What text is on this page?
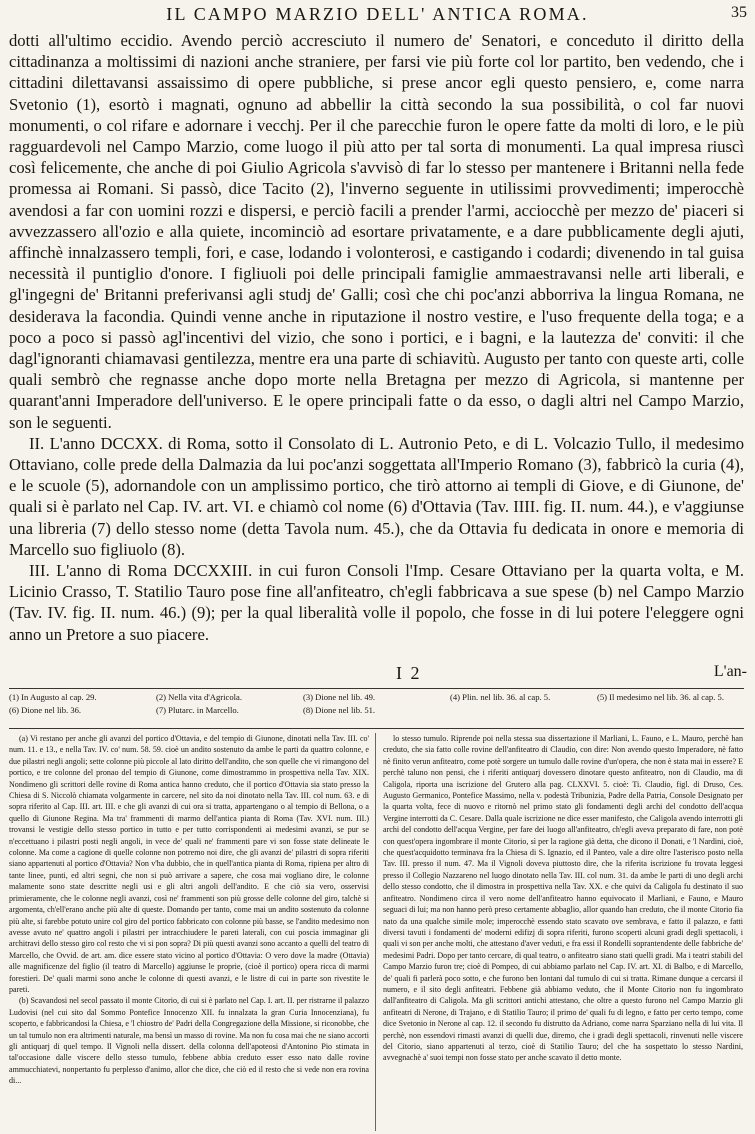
IL CAMPO MARZIO DELL' ANTICA ROMA.	35

dotti all'ultimo eccidio. Avendo perciò accresciuto il numero de' Senatori, e conceduto il diritto della cittadinanza a moltissimi di nazioni anche straniere, per farsi vie più forte col lor partito, ben vedendo, che i cittadini dilettavansi assaissimo di opere pubbliche, si prese ancor egli questo pensiero, e, come narra Svetonio (1), esortò i magnati, ognuno ad abbellir la città secondo la sua possibilità, o col far nuovi monumenti, o col rifare e adornare i vecchj. Per il che parecchie furon le opere fatte da molti di loro, e le più ragguardevoli nel Campo Marzio, come luogo il più atto per tal sorta di monumenti. La qual impresa riuscì così felicemente, che anche di poi Giulio Agricola s'avvisò di far lo stesso per mantenere i Britanni nella fede promessa ai Romani. Si passò, dice Tacito (2), l'inverno seguente in utilissimi provvedimenti; imperocchè avendosi a far con uomini rozzi e dispersi, e perciò facili a prender l'armi, acciocchè per mezzo de' piaceri si avvezzassero all'ozio e alla quiete, incominciò ad esortare privatamente, e a dare pubblicamente degli ajuti, affinchè innalzassero templi, fori, e case, lodando i volonterosi, e castigando i codardi; divenendo in tal guisa necessità il puntiglio d'onore. I figliuoli poi delle principali famiglie ammaestravansi nelle arti liberali, e gl'ingegni de' Britanni preferivansi agli studj de' Galli; così che chi poc'anzi abborriva la lingua Romana, ne desiderava la facondia. Quindi venne anche in riputazione il nostro vestire, e l'uso frequente della toga; e a poco a poco si passò agl'incentivi del vizio, che sono i portici, e i bagni, e la lautezza de' conviti: il che dagl'ignoranti chiamavasi gentilezza, mentre era una parte di schiavitù. Augusto per tanto con queste arti, colle quali sembrò che regnasse anche dopo morte nella Bretagna per mezzo di Agricola, si mantenne per quarant'anni Imperadore dell'universo. E le opere principali fatte o da esso, o dagli altri nel Campo Marzio, son le seguenti.

II. L'anno DCCXX. di Roma, sotto il Consolato di L. Autronio Peto, e di L. Volcazio Tullo, il medesimo Ottaviano, colle prede della Dalmazia da lui poc'anzi soggettata all'Imperio Romano (3), fabbricò la curia (4), e le scuole (5), adornandole con un amplissimo portico, che tirò attorno ai templi di Giove, e di Giunone, de' quali si è parlato nel Cap. IV. art. VI. e chiamò col nome (6) d'Ottavia (Tav. IIII. fig. II. num. 44.), e v'aggiunse una libreria (7) dello stesso nome (detta Tavola num. 45.), che da Ottavia fu dedicata in onore e memoria di Marcello suo figliuolo (8).

III. L'anno di Roma DCCXXIII. in cui furon Consoli l'Imp. Cesare Ottaviano per la quarta volta, e M. Licinio Crasso, T. Statilio Tauro pose fine all'anfiteatro, ch'egli fabbricava a sue spese (b) nel Campo Marzio (Tav. IV. fig. II. num. 46.) (9); per la qual liberalità volle il popolo, che fosse in di lui potere l'eleggere ogni anno un Pretore a suo piacere.

I 2	L'an-
(1) In Augusto al cap. 29.	(2) Nella vita d'Agricola.	(3) Dione nel lib. 49.	(4) Plin. nel lib. 36. al cap. 5.	(5) Il medesimo nel lib. 36. al cap. 5.
(6) Dione nel lib. 36.	(7) Plutarc. in Marcello.	(8) Dione nel lib. 51.

(a) Vi restano per anche gli avanzi del portico d'Ottavia, e del tempio di Giunone, dinotati nella Tav. III. co' num. 11. e 13., e nella Tav. IV. co' num. 58. 59. cioè un andito sostenuto da ambe le parti da quattro colonne, e due pilastri negli angoli; sette colonne più piccole al lato diritto dell'andito, che son quelle che vi rimangono del portico, e tre colonne del pronao del tempio di Giunone, come dimostrammo in prospettiva nella Tav. XIX. Nondimeno gli scrittori delle rovine di Roma antica hanno creduto, che il portico d'Ottavia sia stato presso la Chiesa di S. Niccolò chiamata volgarmente in carcere, nel sito da noi dinotato nella Tav. III. col num. 63. e di sopra riferito al Cap. III. art. III. e che gli avanzi di cui ora si tratta, appartengano o al tempio di Bellona, o a quello di Giunone Regina. Ma tra' frammenti di marmo dell'antica pianta di Roma (Tav. XVI. num. III.) trovansi le vestigie dello stesso portico in tutto e per tutto corrispondenti ai medesimi avanzi, se pur se n'eccettuano i pilastri posti negli angoli, in vece de' quali ne' frammenti pare vi son fosse state delineate le colonne. Ma come a cagione di quelle colonne non potremo noi dire, che gli avanzi de' pilastri di sopra riferiti siano appartenuti al portico d'Ottavia? Non v'ha dubbio, che in quell'antica pianta di Roma, ripiena per altro di tante linee, punti, ed altri segni, che non si può arrivare a sapere, che cosa mai vogliano dire, le colonne malamente sono state descritte negli usi e gli altri angoli dell'andito. E che ciò sia vero, osservisi primieramente, che le colonne negli avanzi, così ne' frammenti son più grosse delle colonne del giro, talchè si argomenta, ch'ell'erano anche più alte di queste. Domando per tanto, come mai un andito sostenuto da colonne più alte, si farebbe potuto unire col giro del portico fabbricato con colonne più basse, se l'andito medesimo non avesse avuto ne' quattro angoli i pilastri per intracchiudere le pareti laterali, con cui poscia immaginar gli architravi dello stesso giro col resto che vi si pon sopra? Di più questi avanzi sono accanto a quelli del teatro di Marcello, che Ovvid. de art. am. dice essere stato vicino al portico d'Ottavia: O vero dove la madre (Ottavia) alle magnificenze del figlio (il teatro di Marcello) aggiunse le proprie, (cioè il portico) opera ricca di marmi forestieri. De' quali marmi sono anche le colonne di questi avanzi, e le listre di cui in parte son rivestite le pareti.

(b) Scavandosi nel secol passato il monte Citorio, di cui si è parlato nel Cap. I. art. II. per ristrarne il palazzo Ludovisi (nel cui sito dal Sommo Pontefice Innocenzo XII. fu innalzata la gran Curia Innocenziana), fu scoperto, e fabbricandosi la Chiesa, e 'l chiostro de' Padri della Congregazione della Missione, si riconobbe, che un tal tumulo non era altrimenti naturale, ma bensì un masso di rovine. Ma non fu cosa mai che ne siano accorti gli antiquarj di quel tempo. Il Vignoli nella dissert. della colonna dell'apoteosi d'Antonino Pio stimata in tal'occasione dalle viscere dello stesso tumulo, febbene abbia creduto esser esso nato dalle rovine ammucchiatevi, nonpertanto fu perplesso d'animo, allor che dice, che ciò ed il resto che si vede non era rovina di...

lo stesso tumulo. Riprende poi nella stessa sua dissertazione il Marliani, L. Fauno, e L. Mauro, perchè han creduto, che sia fatto colle rovine dell'anfiteatro di Claudio, con dire: Non avendo questo Imperadore, nè fatto nè finito verun anfiteatro, come potè sorgere un tumulo dalle rovine d'un'opera, che non è stata mai in essere? E perchè taluno non pensi, che i riferiti antiquarj dovessero dinotare questo anfiteatro, non di Claudio, ma di Caligola, riporta una iscrizione del Grutero alla pag. CLXXVI. 5. cioè: Ti. Claudio, figl. di Druso, Ces. Augusto Germanico, Pontefice Massimo, nella v. podestà Tribunizia, Padre della Patria, Console Designato per la quarta volta, fece di nuovo e ritornò nel primo stato gli fondamenti degli archi del condotto dell'acqua Vergine interrotti da C. Cesare. Dalla quale iscrizione ne dice esser manifesto, che Caligola avendo interrotti gli archi del condotto dell'acqua Vergine, per fare dei luogo all'anfiteatro, ch'egli aveva preparato di fare, non potè con quest'opera ingombrare il monte Citorio, sì per la ragione già detta, che dicono il Donati, e 'l Nardini, cioè, che quest'acquidotto terminava fra la Chiesa di S. Ignazio, ed il Panteo, vale a dire oltre l'asterisco posto nella Tav. III. presso il num. 47. Ma il Vignoli doveva piuttosto dire, che la riferita iscrizione fu trovata leggesi presso il Collegio Nazzareno nel luogo dinotato nella Tav. III. col num. 31. da ambe le parti di uno degli archi dello stesso condotto, che il dimostra in prospettiva nella Tav. XX. e che quivi da Caligola fu destinato il suo anfiteatro. Nondimeno circa il vero nome dell'anfiteatro hanno equivocato il Marliani, e Fauno, e Mauro seguaci di lui; ma non hanno però preso certamente abbaglio, allor quando han creduto, che il monte Citorio fia nato da una qualche simile mole; imperocchè essendo stato scavato ove sembrava, e fatto il palazzo, e fatti diversi tavuti i fondamenti de' moderni edifizj di sopra riferiti, furono scoperti alcuni gradi degli spettacoli, i quali vi son per anche molti, che attestano d'aver veduti, e fra essi il Rondelli soprantendente delle fabbriche de' medesimi Padri. Dopo per tanto cercare, di qual teatro, o anfiteatro siano stati quelli gradi. Ma i teatri stabili del Campo Marzio furon tre; cioè di Pompeo, di cui abbiamo parlato nel Cap. IV. art. XI. di Balbo, e di Marcello, de' quali fi parlerà poco sotto, e che furono ben lontani dal tumulo di cui si tratta. Rimane dunque a cercarsi il numero, e il sito degli anfiteatri. Febbene già abbiamo veduto, che il Monte Citorio non fu ingombrato dall'anfiteatro di Caligola. Ma gli scrittori antichi attestano, che oltre a questo furono nel Campo Marzio gli anfiteatri di Nerone, di Trajano, e di Statilio Tauro; il primo de' quali fu di legno, e fatto per certo tempo, come dice Svetonio in Nerone al cap. 12. il secondo fu distrutto da Adriano, come narra Sparziano nella di lui vita. Il perchè, non essendovi rimasti avanzi di quelli due, diremo, che i gradi degli spettacoli, rinvenuti nelle viscere del Citorio, siano appartenuti al terzo, cioè di Statilio Tauro; del che ha sospettato lo stesso Nardini, avvegnachè a' suoi tempi non fosse stato per anche scavato il detto monte.
